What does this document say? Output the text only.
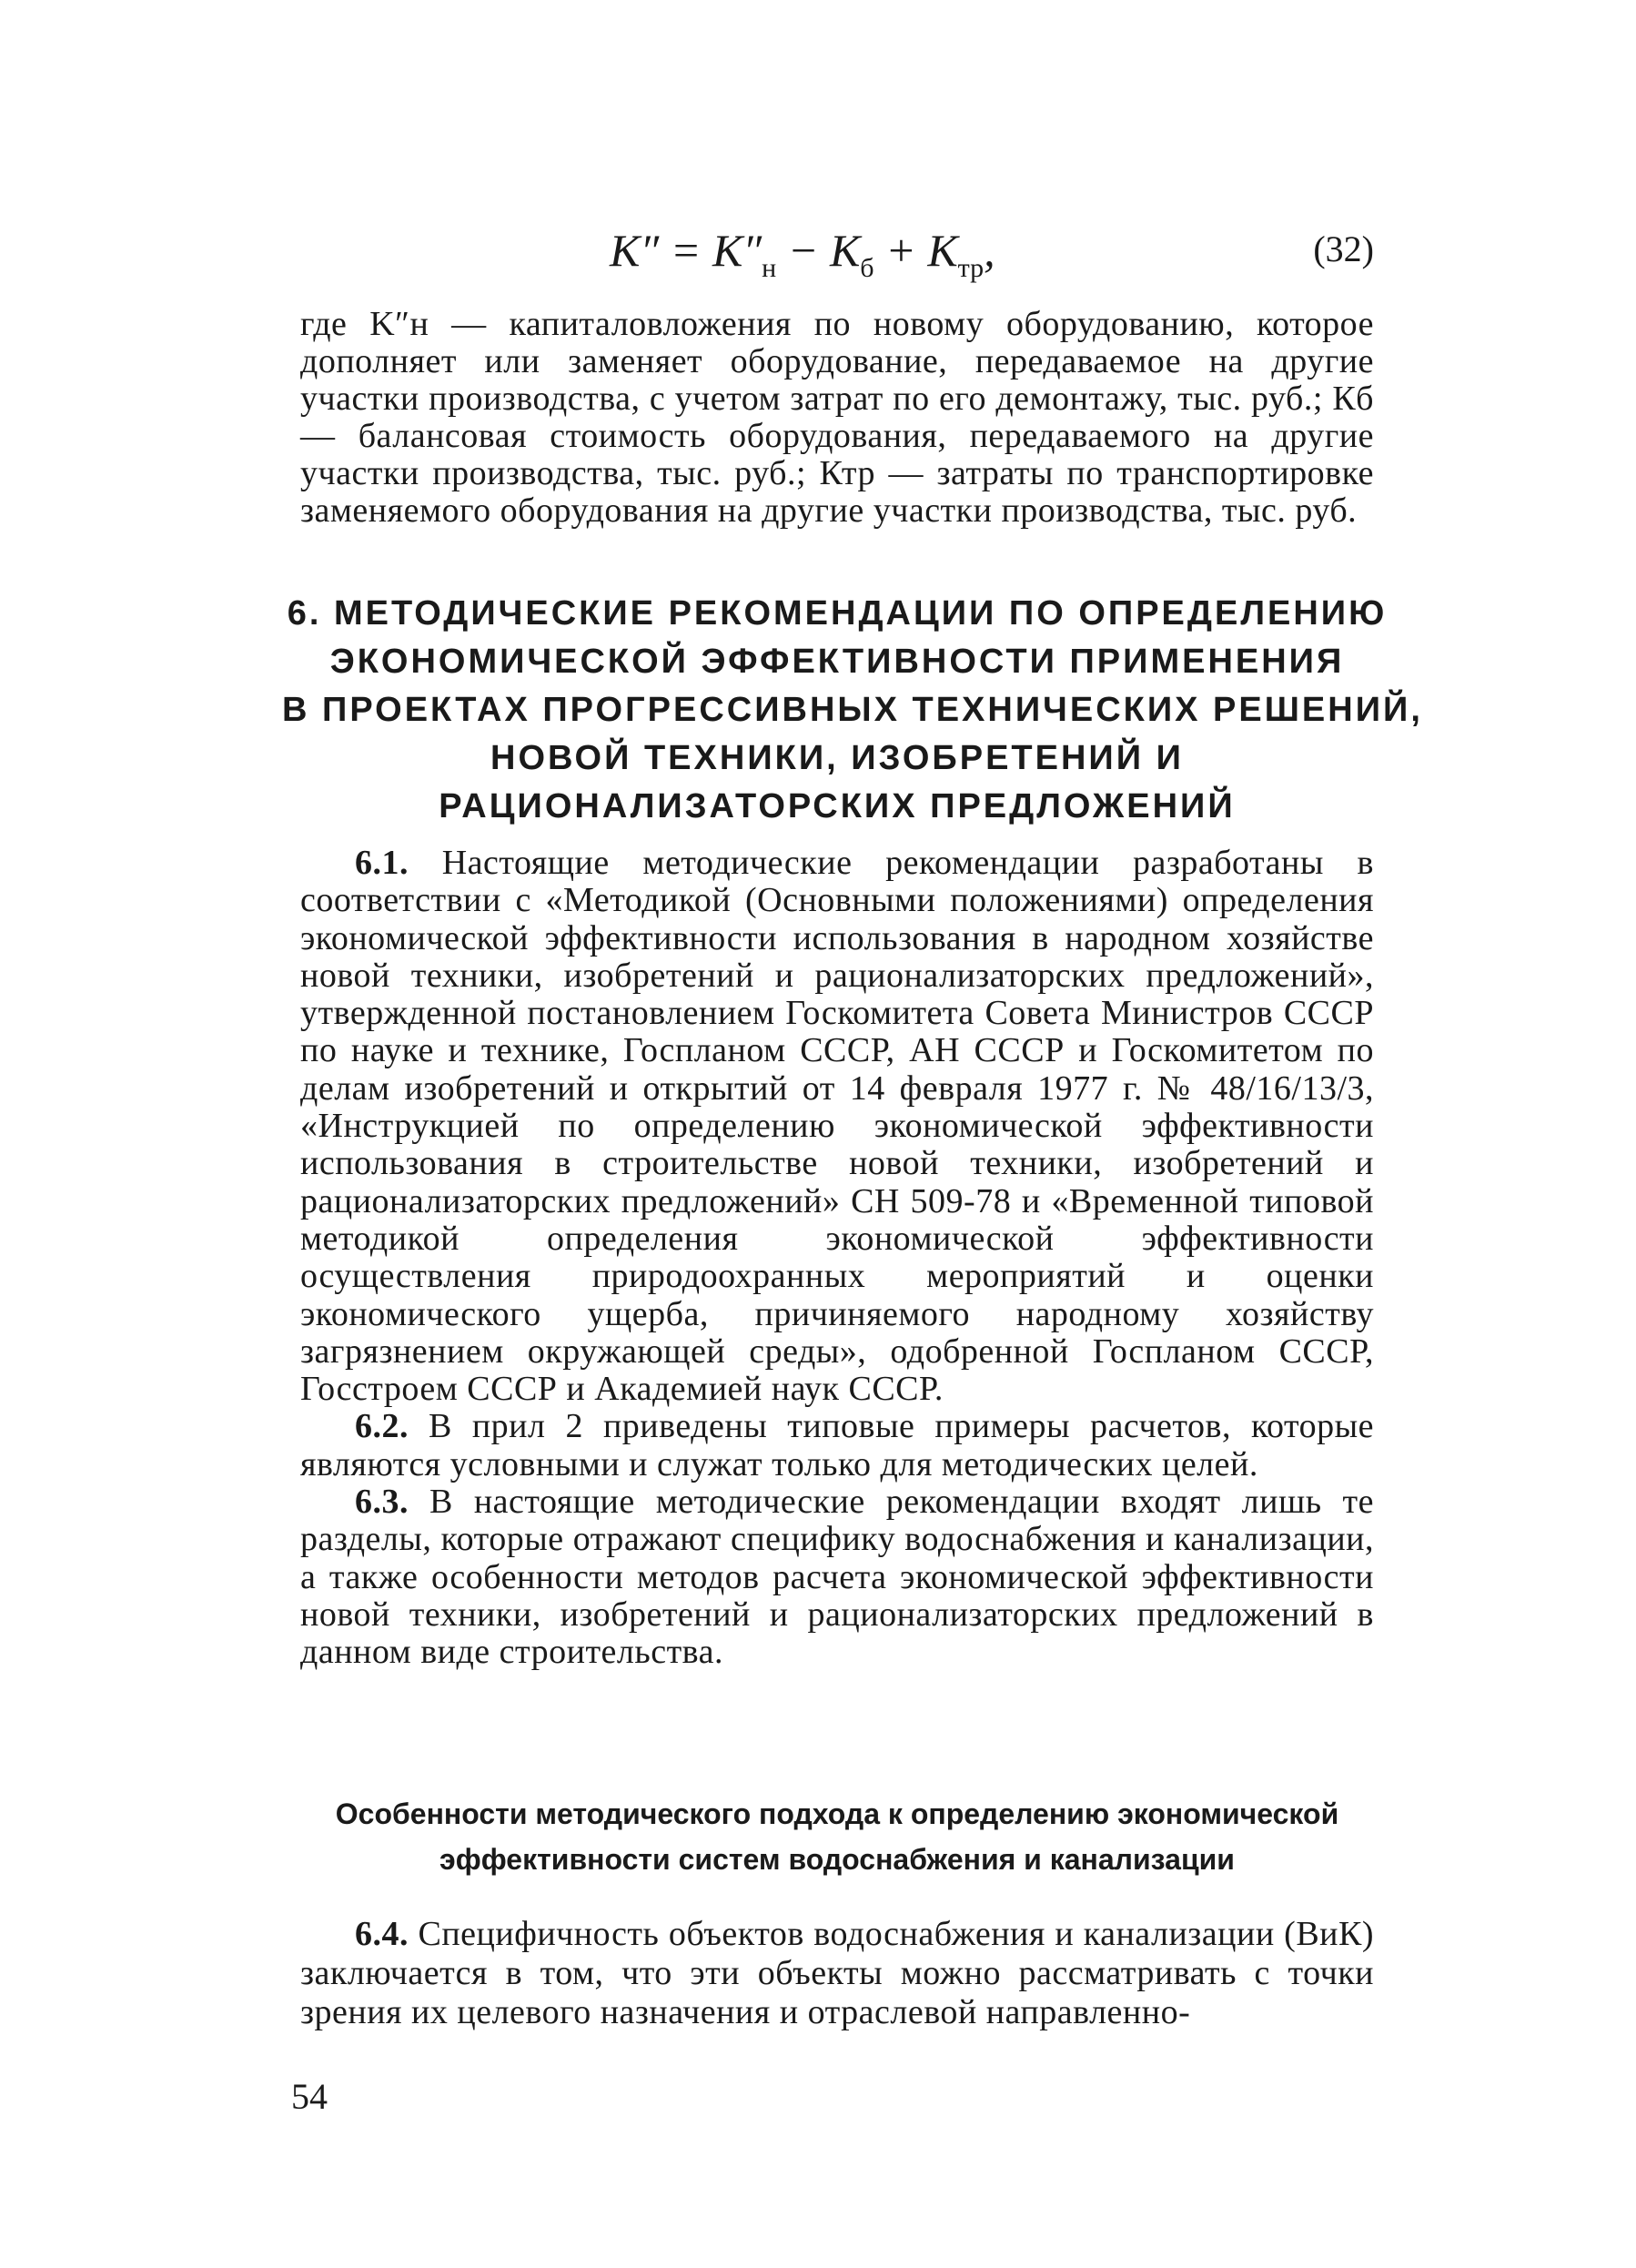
$K'' = K''_н - K_б + K_{тр}$,	(32)

где K″н — капиталовложения по новому оборудованию, которое дополняет или заменяет оборудование, передаваемое на другие участки производства, с учетом затрат по его демонтажу, тыс. руб.; Кб — балансовая стоимость оборудования, передаваемого на другие участки производства, тыс. руб.; Ктр — затраты по транспортировке заменяемого оборудования на другие участки производства, тыс. руб.

6. МЕТОДИЧЕСКИЕ РЕКОМЕНДАЦИИ ПО ОПРЕДЕЛЕНИЮ
ЭКОНОМИЧЕСКОЙ ЭФФЕКТИВНОСТИ ПРИМЕНЕНИЯ
В ПРОЕКТАХ ПРОГРЕССИВНЫХ ТЕХНИЧЕСКИХ РЕШЕНИЙ,
НОВОЙ ТЕХНИКИ, ИЗОБРЕТЕНИЙ И
РАЦИОНАЛИЗАТОРСКИХ ПРЕДЛОЖЕНИЙ

6.1. Настоящие методические рекомендации разработаны в соответствии с «Методикой (Основными положениями) определения экономической эффективности использования в народном хозяйстве новой техники, изобретений и рационализаторских предложений», утвержденной постановлением Госкомитета Совета Министров СССР по науке и технике, Госпланом СССР, АН СССР и Госкомитетом по делам изобретений и открытий от 14 февраля 1977 г. № 48/16/13/3, «Инструкцией по определению экономической эффективности использования в строительстве новой техники, изобретений и рационализаторских предложений» СН 509-78 и «Временной типовой методикой определения экономической эффективности осуществления природоохранных мероприятий и оценки экономического ущерба, причиняемого народному хозяйству загрязнением окружающей среды», одобренной Госпланом СССР, Госстроем СССР и Академией наук СССР.

6.2. В прил 2 приведены типовые примеры расчетов, которые являются условными и служат только для методических целей.

6.3. В настоящие методические рекомендации входят лишь те разделы, которые отражают специфику водоснабжения и канализации, а также особенности методов расчета экономической эффективности новой техники, изобретений и рационализаторских предложений в данном виде строительства.

Особенности методического подхода к определению экономической
эффективности систем водоснабжения и канализации

6.4. Специфичность объектов водоснабжения и канализации (ВиК) заключается в том, что эти объекты можно рассматривать с точки зрения их целевого назначения и отраслевой направленно-

54
